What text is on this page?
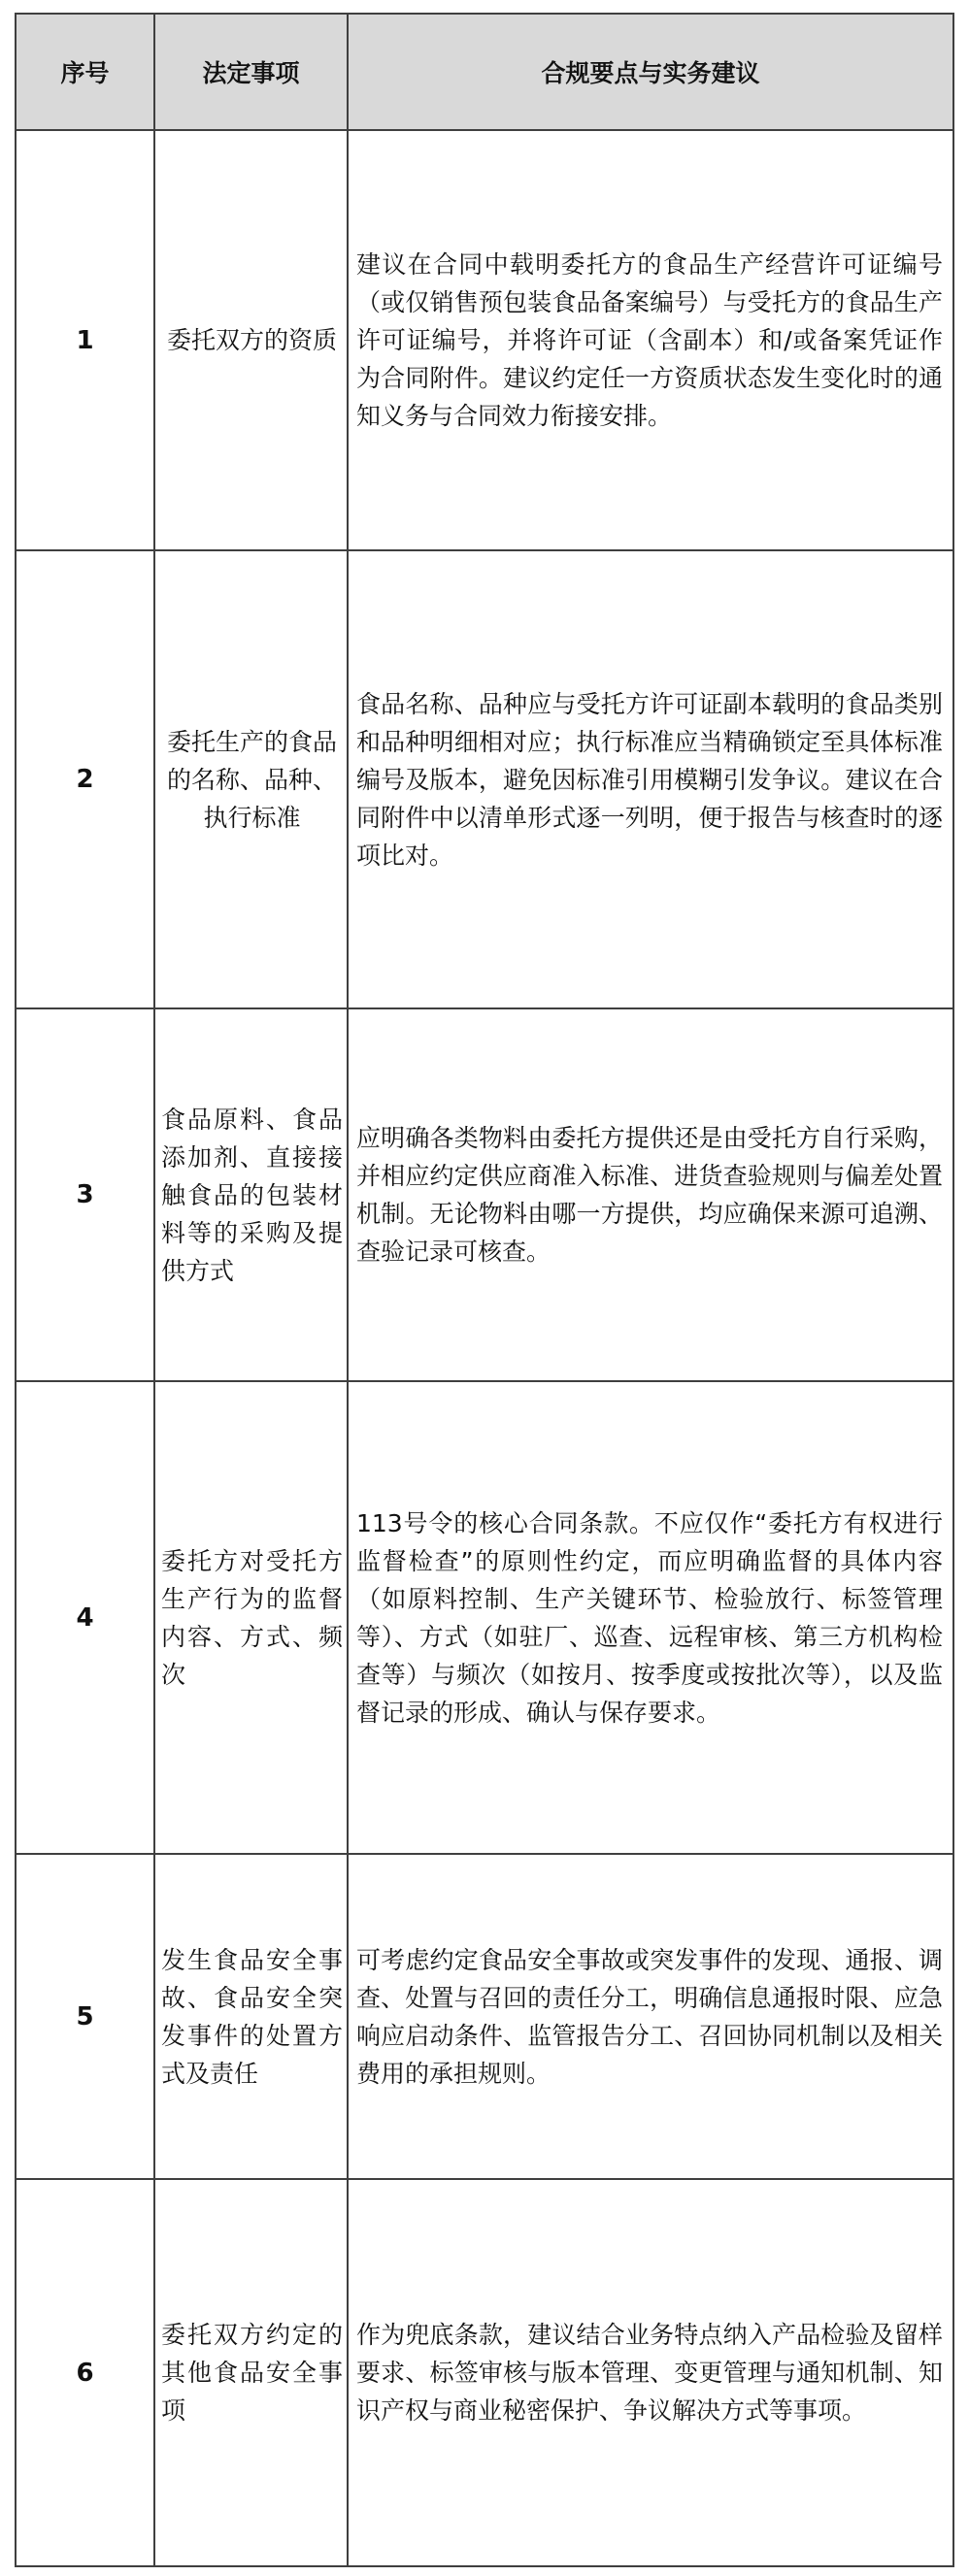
序号	法定事项	合规要点与实务建议
1	委托双方的资质	建议在合同中载明委托方的食品生产经营许可证编号（或仅销售预包装食品备案编号）与受托方的食品生产许可证编号，并将许可证（含副本）和/或备案凭证作为合同附件。建议约定任一方资质状态发生变化时的通知义务与合同效力衔接安排。
2	委托生产的食品的名称、品种、执行标准	食品名称、品种应与受托方许可证副本载明的食品类别和品种明细相对应；执行标准应当精确锁定至具体标准编号及版本，避免因标准引用模糊引发争议。建议在合同附件中以清单形式逐一列明，便于报告与核查时的逐项比对。
3	食品原料、食品添加剂、直接接触食品的包装材料等的采购及提供方式	应明确各类物料由委托方提供还是由受托方自行采购，并相应约定供应商准入标准、进货查验规则与偏差处置机制。无论物料由哪一方提供，均应确保来源可追溯、查验记录可核查。
4	委托方对受托方生产行为的监督内容、方式、频次	113号令的核心合同条款。不应仅作“委托方有权进行监督检查”的原则性约定，而应明确监督的具体内容（如原料控制、生产关键环节、检验放行、标签管理等）、方式（如驻厂、巡查、远程审核、第三方机构检查等）与频次（如按月、按季度或按批次等），以及监督记录的形成、确认与保存要求。
5	发生食品安全事故、食品安全突发事件的处置方式及责任	可考虑约定食品安全事故或突发事件的发现、通报、调查、处置与召回的责任分工，明确信息通报时限、应急响应启动条件、监管报告分工、召回协同机制以及相关费用的承担规则。
6	委托双方约定的其他食品安全事项	作为兜底条款，建议结合业务特点纳入产品检验及留样要求、标签审核与版本管理、变更管理与通知机制、知识产权与商业秘密保护、争议解决方式等事项。
